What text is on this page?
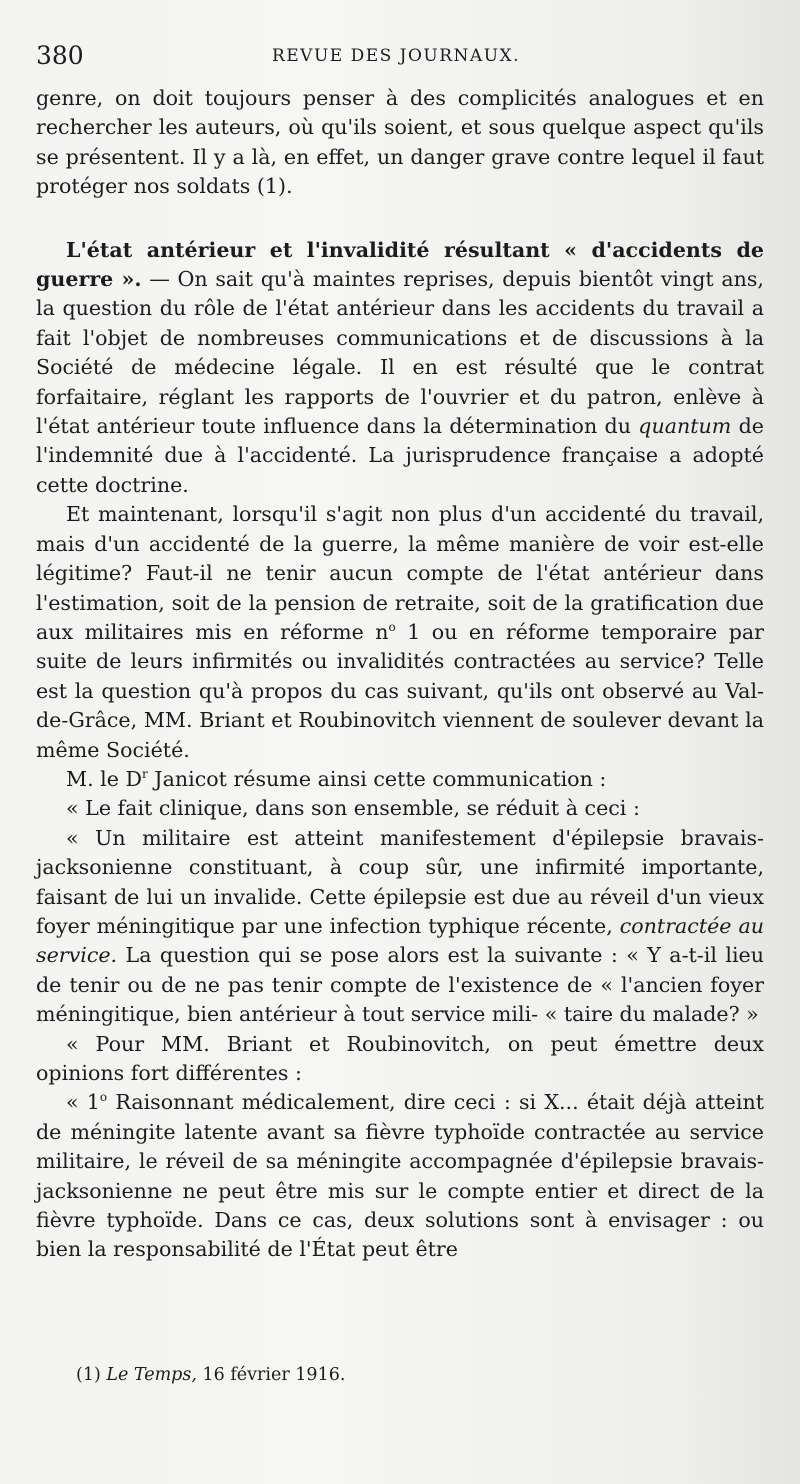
380	REVUE DES JOURNAUX.

genre, on doit toujours penser à des complicités analogues et en rechercher les auteurs, où qu'ils soient, et sous quelque aspect qu'ils se présentent. Il y a là, en effet, un danger grave contre lequel il faut protéger nos soldats (1).

L'état antérieur et l'invalidité résultant « d'accidents de guerre ». — On sait qu'à maintes reprises, depuis bientôt vingt ans, la question du rôle de l'état antérieur dans les accidents du travail a fait l'objet de nombreuses communications et de discussions à la Société de médecine légale. Il en est résulté que le contrat forfaitaire, réglant les rapports de l'ouvrier et du patron, enlève à l'état antérieur toute influence dans la détermination du quantum de l'indemnité due à l'accidenté. La jurisprudence française a adopté cette doctrine.

Et maintenant, lorsqu'il s'agit non plus d'un accidenté du travail, mais d'un accidenté de la guerre, la même manière de voir est-elle légitime? Faut-il ne tenir aucun compte de l'état antérieur dans l'estimation, soit de la pension de retraite, soit de la gratification due aux militaires mis en réforme $n^o$ 1 ou en réforme temporaire par suite de leurs infirmités ou invalidités contractées au service? Telle est la question qu'à propos du cas suivant, qu'ils ont observé au Val-de-Grâce, MM. Briant et Roubinovitch viennent de soulever devant la même Société.

M. le $D^r$ Janicot résume ainsi cette communication :

« Le fait clinique, dans son ensemble, se réduit à ceci :

« Un militaire est atteint manifestement d'épilepsie bravais-jacksonienne constituant, à coup sûr, une infirmité importante, faisant de lui un invalide. Cette épilepsie est due au réveil d'un vieux foyer méningitique par une infection typhique récente, contractée au service. La question qui se pose alors est la suivante : « Y a-t-il lieu de tenir ou de ne pas tenir compte de l'existence de « l'ancien foyer méningitique, bien antérieur à tout service mili- « taire du malade? »

« Pour MM. Briant et Roubinovitch, on peut émettre deux opinions fort différentes :

« 1$^o$ Raisonnant médicalement, dire ceci : si X... était déjà atteint de méningite latente avant sa fièvre typhoïde contractée au service militaire, le réveil de sa méningite accompagnée d'épilepsie bravais-jacksonienne ne peut être mis sur le compte entier et direct de la fièvre typhoïde. Dans ce cas, deux solutions sont à envisager : ou bien la responsabilité de l'État peut être

(1) Le Temps, 16 février 1916.
